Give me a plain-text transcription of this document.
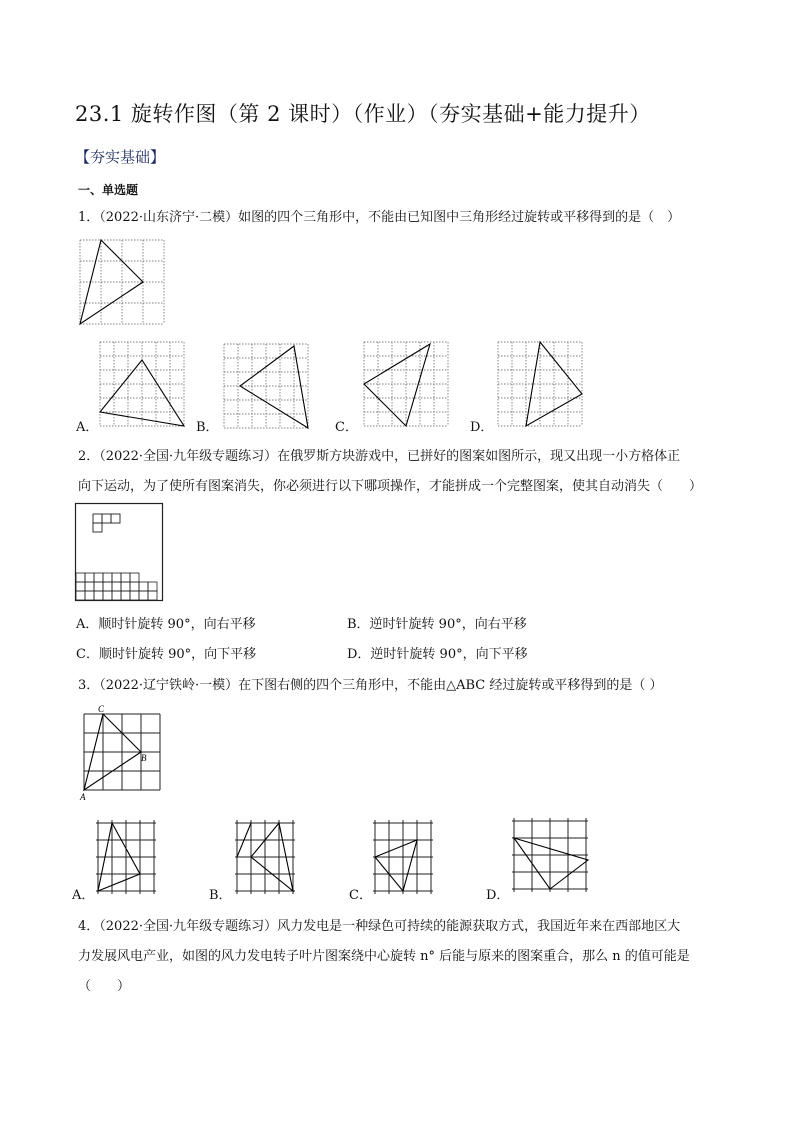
23.1 旋转作图（第 2 课时）（作业）（夯实基础+能力提升）
【夯实基础】
一、单选题
1．（2022·山东济宁·二模）如图的四个三角形中，不能由已知图中三角形经过旋转或平移得到的是（　）
A．	B．	C．	D．
2．（2022·全国·九年级专题练习）在俄罗斯方块游戏中，已拼好的图案如图所示，现又出现一小方格体正
向下运动，为了使所有图案消失，你必须进行以下哪项操作，才能拼成一个完整图案，使其自动消失（　　）
A．顺时针旋转 90°，向右平移	B．逆时针旋转 90°，向右平移
C．顺时针旋转 90°，向下平移	D．逆时针旋转 90°，向下平移
3．（2022·辽宁铁岭·一模）在下图右侧的四个三角形中，不能由△ABC 经过旋转或平移得到的是（ ）
C
B
A
A．	B．	C．	D．
4．（2022·全国·九年级专题练习）风力发电是一种绿色可持续的能源获取方式，我国近年来在西部地区大
力发展风电产业，如图的风力发电转子叶片图案绕中心旋转 n° 后能与原来的图案重合，那么 n 的值可能是
（　　）
